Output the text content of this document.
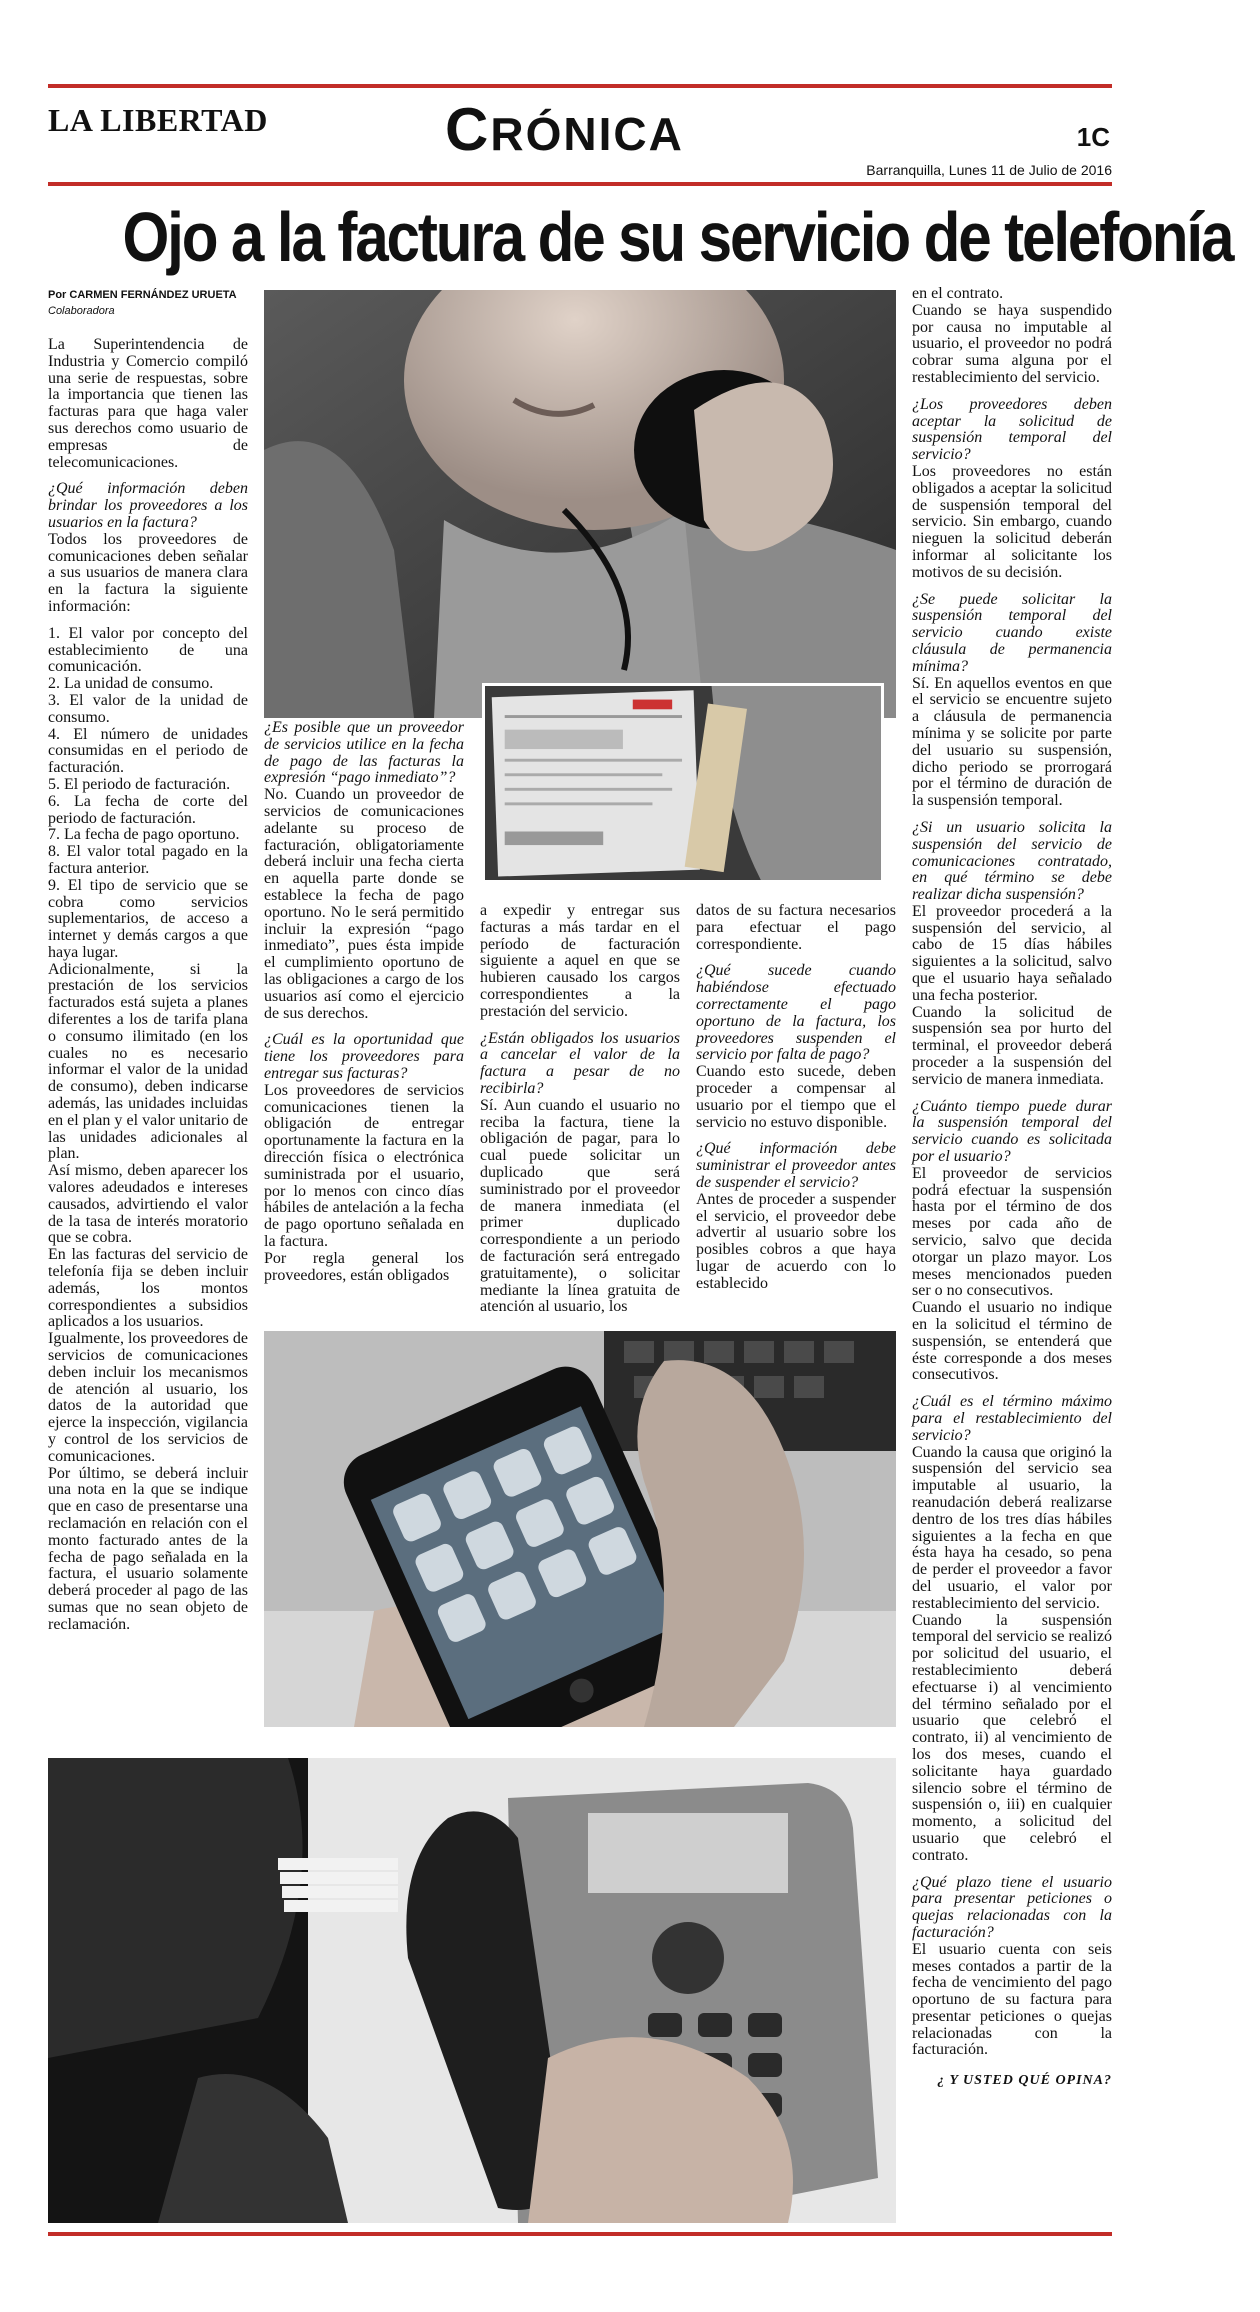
LA LIBERTAD	CRÓNICA	1C
Barranquilla, Lunes 11 de Julio de 2016
Ojo a la factura de su servicio de telefonía
Por CARMEN FERNÁNDEZ URUETA
Colaboradora

La Superintendencia de Industria y Comercio compiló una serie de respuestas, sobre la importancia que tienen las facturas para que haga valer sus derechos como usuario de empresas de telecomunicaciones.

¿Qué información deben brindar los proveedores a los usuarios en la factura?

Todos los proveedores de comunicaciones deben señalar a sus usuarios de manera clara en la factura la siguiente información:

1. El valor por concepto del establecimiento de una comunicación.

2. La unidad de consumo.

3. El valor de la unidad de consumo.

4. El número de unidades consumidas en el periodo de facturación.

5. El periodo de facturación.

6. La fecha de corte del periodo de facturación.

7. La fecha de pago oportuno.

8. El valor total pagado en la factura anterior.

9. El tipo de servicio que se cobra como servicios suplementarios, de acceso a internet y demás cargos a que haya lugar.

Adicionalmente, si la prestación de los servicios facturados está sujeta a planes diferentes a los de tarifa plana o consumo ilimitado (en los cuales no es necesario informar el valor de la unidad de consumo), deben indicarse además, las unidades incluidas en el plan y el valor unitario de las unidades adicionales al plan.

Así mismo, deben aparecer los valores adeudados e intereses causados, advirtiendo el valor de la tasa de interés moratorio que se cobra.

En las facturas del servicio de telefonía fija se deben incluir además, los montos correspondientes a subsidios aplicados a los usuarios.

Igualmente, los proveedores de servicios de comunicaciones deben incluir los mecanismos de atención al usuario, los datos de la autoridad que ejerce la inspección, vigilancia y control de los servicios de comunicaciones.

Por último, se deberá incluir una nota en la que se indique que en caso de presentarse una reclamación en relación con el monto facturado antes de la fecha de pago señalada en la factura, el usuario solamente deberá proceder al pago de las sumas que no sean objeto de reclamación.

¿Es posible que un proveedor de servicios utilice en la fecha de pago de las facturas la expresión “pago inmediato”?

No. Cuando un proveedor de servicios de comunicaciones adelante su proceso de facturación, obligatoriamente deberá incluir una fecha cierta en aquella parte donde se establece la fecha de pago oportuno. No le será permitido incluir la expresión “pago inmediato”, pues ésta impide el cumplimiento oportuno de las obligaciones a cargo de los usuarios así como el ejercicio de sus derechos.

¿Cuál es la oportunidad que tiene los proveedores para entregar sus facturas?

Los proveedores de servicios comunicaciones tienen la obligación de entregar oportunamente la factura en la dirección física o electrónica suministrada por el usuario, por lo menos con cinco días hábiles de antelación a la fecha de pago oportuno señalada en la factura.

Por regla general los proveedores, están obligados

a expedir y entregar sus facturas a más tardar en el período de facturación siguiente a aquel en que se hubieren causado los cargos correspondientes a la prestación del servicio.

¿Están obligados los usuarios a cancelar el valor de la factura a pesar de no recibirla?

Sí. Aun cuando el usuario no reciba la factura, tiene la obligación de pagar, para lo cual puede solicitar un duplicado que será suministrado por el proveedor de manera inmediata (el primer duplicado correspondiente a un periodo de facturación será entregado gratuitamente), o solicitar mediante la línea gratuita de atención al usuario, los

datos de su factura necesarios para efectuar el pago correspondiente.

¿Qué sucede cuando habiéndose efectuado correctamente el pago oportuno de la factura, los proveedores suspenden el servicio por falta de pago?

Cuando esto sucede, deben proceder a compensar al usuario por el tiempo que el servicio no estuvo disponible.

¿Qué información debe suministrar el proveedor antes de suspender el servicio?

Antes de proceder a suspender el servicio, el proveedor debe advertir al usuario sobre los posibles cobros a que haya lugar de acuerdo con lo establecido

en el contrato.

Cuando se haya suspendido por causa no imputable al usuario, el proveedor no podrá cobrar suma alguna por el restablecimiento del servicio.

¿Los proveedores deben aceptar la solicitud de suspensión temporal del servicio?

Los proveedores no están obligados a aceptar la solicitud de suspensión temporal del servicio. Sin embargo, cuando nieguen la solicitud deberán informar al solicitante los motivos de su decisión.

¿Se puede solicitar la suspensión temporal del servicio cuando existe cláusula de permanencia mínima?

Sí. En aquellos eventos en que el servicio se encuentre sujeto a cláusula de permanencia mínima y se solicite por parte del usuario su suspensión, dicho periodo se prorrogará por el término de duración de la suspensión temporal.

¿Si un usuario solicita la suspensión del servicio de comunicaciones contratado, en qué término se debe realizar dicha suspensión?

El proveedor procederá a la suspensión del servicio, al cabo de 15 días hábiles siguientes a la solicitud, salvo que el usuario haya señalado una fecha posterior.

Cuando la solicitud de suspensión sea por hurto del terminal, el proveedor deberá proceder a la suspensión del servicio de manera inmediata.

¿Cuánto tiempo puede durar la suspensión temporal del servicio cuando es solicitada por el usuario?

El proveedor de servicios podrá efectuar la suspensión hasta por el término de dos meses por cada año de servicio, salvo que decida otorgar un plazo mayor. Los meses mencionados pueden ser o no consecutivos.

Cuando el usuario no indique en la solicitud el término de suspensión, se entenderá que éste corresponde a dos meses consecutivos.

¿Cuál es el término máximo para el restablecimiento del servicio?

Cuando la causa que originó la suspensión del servicio sea imputable al usuario, la reanudación deberá realizarse dentro de los tres días hábiles siguientes a la fecha en que ésta haya ha cesado, so pena de perder el proveedor a favor del usuario, el valor por restablecimiento del servicio.

Cuando la suspensión temporal del servicio se realizó por solicitud del usuario, el restablecimiento deberá efectuarse i) al vencimiento del término señalado por el usuario que celebró el contrato, ii) al vencimiento de los dos meses, cuando el solicitante haya guardado silencio sobre el término de suspensión o, iii) en cualquier momento, a solicitud del usuario que celebró el contrato.

¿Qué plazo tiene el usuario para presentar peticiones o quejas relacionadas con la facturación?

El usuario cuenta con seis meses contados a partir de la fecha de vencimiento del pago oportuno de su factura para presentar peticiones o quejas relacionadas con la facturación.

¿ Y USTED QUÉ OPINA?
